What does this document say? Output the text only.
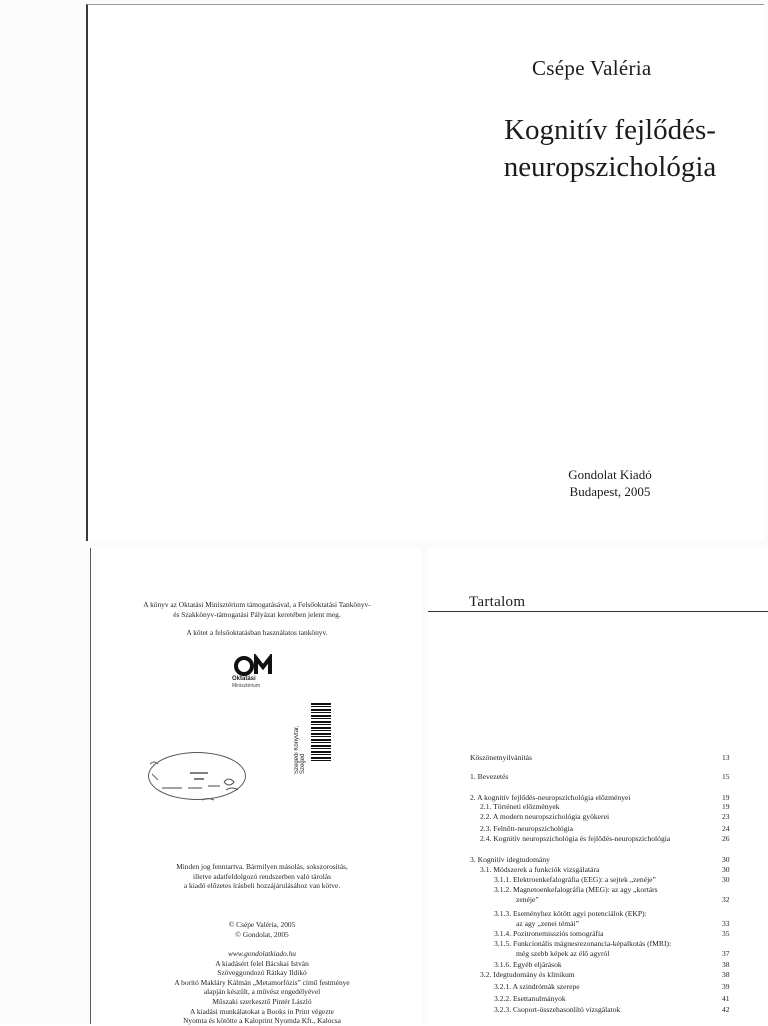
Csépe Valéria
Kognitív fejlődés-
neuropszichológia
Gondolat Kiadó
Budapest, 2005
A könyv az Oktatási Minisztérium támogatásával, a Felsőoktatási Tankönyv-
és Szakkönyv-támogatási Pályázat keretében jelent meg.
A kötet a felsőoktatásban használatos tankönyv.
Oktatási
Minisztérium
Szegedi Könyvtár, Szeged
Minden jog fenntartva. Bármilyen másolás, sokszorosítás,
illetve adatfeldolgozó rendszerben való tárolás
a kiadó előzetes írásbeli hozzájárulásához van kötve.
© Csépe Valéria, 2005
© Gondolat, 2005
www.gondolatkiado.hu
A kiadásért felel Bácskai István
Szöveggondozó Rátkay Ildikó
A borító Makláry Kálmán „Metamorfózis” című festménye
alapján készült, a művész engedélyével
Műszaki szerkesztő Pintér László
A kiadási munkálatokat a Books in Print végezte
Nyomta és kötötte a Kaloprint Nyomda Kft., Kalocsa
Tartalom
Köszönetnyilvánítás	13
1. Bevezetés	15
2. A kognitív fejlődés-neuropszichológia előzményei	19
2.1. Történeti előzmények	19
2.2. A modern neuropszichológia gyökerei	23
2.3. Felnőtt-neuropszichológia	24
2.4. Kognitív neuropszichológia és fejlődés-neuropszichológia	26
3. Kognitív idegtudomány	30
3.1. Módszerek a funkciók vizsgálatára	30
3.1.1. Elektroenkefalográfia (EEG): a sejtek „zenéje”	30
3.1.2. Magnetoenkefalográfia (MEG): az agy „kortárs
zenéje”	32
3.1.3. Eseményhez kötött agyi potenciálok (EKP):
az agy „zenei témái”	33
3.1.4. Pozitronemissziós tomográfia	35
3.1.5. Funkcionális mágnesrezonancia-képalkotás (fMRI):
még szebb képek az élő agyról	37
3.1.6. Egyéb eljárások	38
3.2. Idegtudomány és klinikum	38
3.2.1. A szindrómák szerepe	39
3.2.2. Esettanulmányok	41
3.2.3. Csoport-összehasonlító vizsgálatok	42
